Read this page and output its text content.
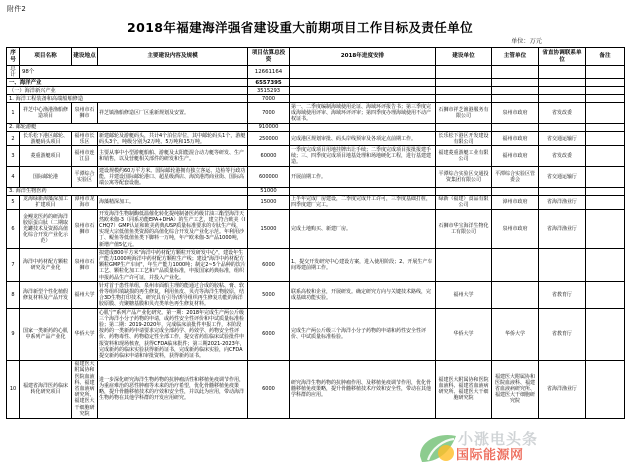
附件2
2018年福建海洋强省建设重大前期项目工作目标及责任单位
单位：万元
序号	项目名称	建设地点	主要建设内容及规模	项目估算总投资	2018年进度安排	建设单位	主管单位	省直协调联系单位	备注
总计	98个			12661164					
一、海洋产业				6557395					
（一）海洋新兴产业				3515293					
1. 海洋工程装备和高端船舶修造				7000					
1	祥芝中心渔港渔船修造项目	泉州市石狮市	祥芝镇渔船修造区厂区重新规划及安置。	7000	第一、二季度编制海域使用论证、海域环评报告书；第三季度完成海域使用评审、海域环评评审；第四季度办理海域使用不动产权证书。	石狮市祥芝渔港服务有限公司	泉州市政府	省发改委	
2. 邮轮游艇				910000					
2	长乐松下港区邮轮、游艇码头项目	福州市长乐区	新建邮轮及游艇码头，共计4个泊位岸位，其中邮轮码头1个，游艇码头3个，吨级分别为2万吨、5万吨和15万吨。	250000	完成港区规划审批、码头岸线预审及各项定点前期工作。	长乐松下港区开发建设有限公司	福州市政府	省交通运输厅	
3	菱重游艇项目	福州市连江县	主要从事中小型游艇船舶、游艇及太阳能混合动力艇等研发、生产和销售，以及营艇相关部件的研发和生产。	60000	一季度完成项目用地挂牌出让手续；二季度完成项目报批报建手续；三、四季度完成项目地基处理和场地硬化工程，进行基建建造。	福建菱重游艇工业有限公司	福州市政府	省发改委	
4	国际邮轮港	平潭综合实验区	建设规模约60万平方米。国际邮轮港拥有独立客运、边检等行政功能，并建设国际邮轮港口、超星级酒店、海滨港湾商业街、国际高端公寓等配套设施。	600000	开展前期工作。	平潭综合实验区交通投资集团有限公司	平潭综合实验区管委会	省交通运输厅	
3. 海洋生物医药				51000					
5	龙海绿新海藻深加工扩建项目	漳州市龙海市	海藻精深加工。	15000	上半年完成厂房建设，二季度完成开工许可，三季度基础打桩，四季度建厂完工。	绿新（福建）食品有限公司	漳州市政府	省海洋渔业厅	
6	金鳗龙医药的研海洋胶原蛋白肽（二期取光罐技术及资源高值化综合开发产业化示范）	泉州市石狮市	开发海洋生物制酶低温催化转化提纯制备医药级甘油三酯型海洋天然欧米伽-3（同系功能EPA+DHA）的生产工艺，建立符合欧美（ICHQ7）GMP认证和欧美药典/USP质量标准要求的专肽生产线，实现大宗低值鱼类资源的高值化综合开发及产业化示范。年利用沙丁、鳀鱼等低值鱼类下脚料一万吨，年产欧米伽-3产品1000吨，新增产值5亿元。	15000	完成土地购买、新建厂房。	石狮市华宝海洋生物化工有限公司	泉州市政府	省海洋渔业厅	
7	海洋中药材配方颗粒研究及产业化	泉州市石狮市	拟建成800平方米"海洋中药材配方颗粒开发研发中心"，建设年生产能力1000吨海洋中药材配方颗粒生产线；建设"海洋中药材配方颗粒GMP生产车间"，年生产能力1000吨；制定2~5个品种的饮片工艺、颗粒化加工工艺和产品质量标准，申报国家药典标准，组织申报药品生产许可证，并投入产业化。	6000	1、提交开发研究中心建设方案，进入使用阶段；2、开展生产车间筹建前期工作。				
8	海洋新型个性化植假修复材料及产品开发	福州大学	针对首于患性单组，泉州市面船主理的能通过合成的胶粘、膏、软骨等组织填缺损的再生修复，利用鱼皮、贝壳等海洋生物胶原，结合3D生物打印技术，研究具有引导/诱导组织再生修复功能的海洋胶原膜、壳聚糖基膜和贝壳类单色再生修复材料。	5000	联系高校和企业，开展研发。确定研究方向与关键技术路线，完成基础功能实验。	福州大学		省教育厅	
9	国家一类新药的心肌中系列产品产业化	华侨大学	心肌宁"系列产品产业化研究。第一期：2018年完成生产两公斤级三个海洋小分子药物的申请，或药性安全性评价和中试质量标准检验；第二期：2019-2020年，完成临床前批件申报工作，本阶段按药的一类新药申请要求完成全部药学、药效学、药物安全性评价、药物毒性、药物稳定性全部工作，提交省药监临床试验批件申报资料和现场核查，获得CFDA临床批件；第三期2021-2023年，完成新药的临床实验获得新药证书，完成新药临床实验，向CFDA提交新药临床申请和审批资料，获得新药证书。	6000	完成生产两公斤级三个海洋小分子药物的申请和药性安全性评价、中试质量标准检验。	华侨大学	华侨大学	省教育厅	
10	福建省海洋医药临床转化研究项目	福建医大附属协和医院血液科、福建省血液病研究所、福建医大干细胞研究院	进一步深化研究海洋生物药物的抗肿瘤活性和移植免疫调节作用，为重症难治的恶性肿瘤等未来的治疗希望，优化骨髓移植免疫策略，提升骨髓移植技术的疗效和安全性，并以此为应用，带动海洋生物药物在其他学科群的开发应用研究。	6000	研究海洋生物药物的抗肿瘤作用、及移植免疫调节作用，优化骨髓移植免疫策略，提升骨髓移植技术疗效和安全性，带动在其他学科群的应用。	福建医大附属协和医院血液科、福建省血液病研究所、福建医大干细胞研究院	福建医大附属协和医院血液科、福建省血液病研究所、福建医大干细胞研究院	省海洋渔业厅	
小涨电头条
国际能源网
